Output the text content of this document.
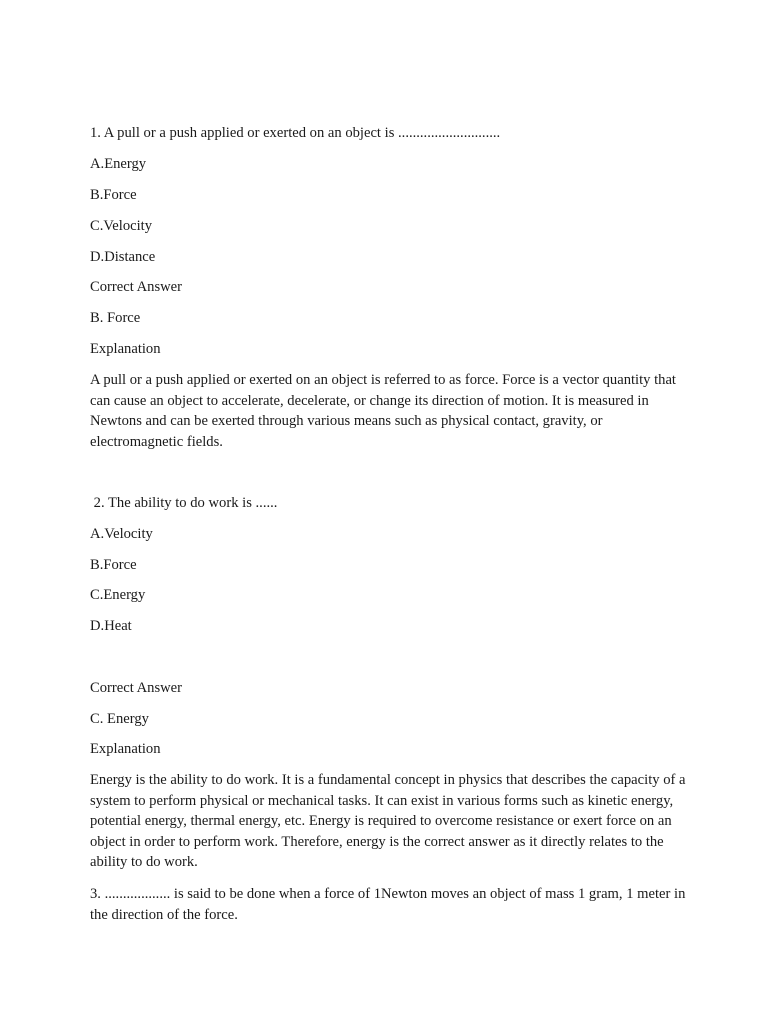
1. A pull or a push applied or exerted on an object is ............................
A.Energy
B.Force
C.Velocity
D.Distance
Correct Answer
B. Force
Explanation
A pull or a push applied or exerted on an object is referred to as force. Force is a vector quantity that can cause an object to accelerate, decelerate, or change its direction of motion. It is measured in Newtons and can be exerted through various means such as physical contact, gravity, or electromagnetic fields.
2. The ability to do work is ......
A.Velocity
B.Force
C.Energy
D.Heat
Correct Answer
C. Energy
Explanation
Energy is the ability to do work. It is a fundamental concept in physics that describes the capacity of a system to perform physical or mechanical tasks. It can exist in various forms such as kinetic energy, potential energy, thermal energy, etc. Energy is required to overcome resistance or exert force on an object in order to perform work. Therefore, energy is the correct answer as it directly relates to the ability to do work.
3. .................. is said to be done when a force of 1Newton moves an object of mass 1 gram, 1 meter in the direction of the force.
